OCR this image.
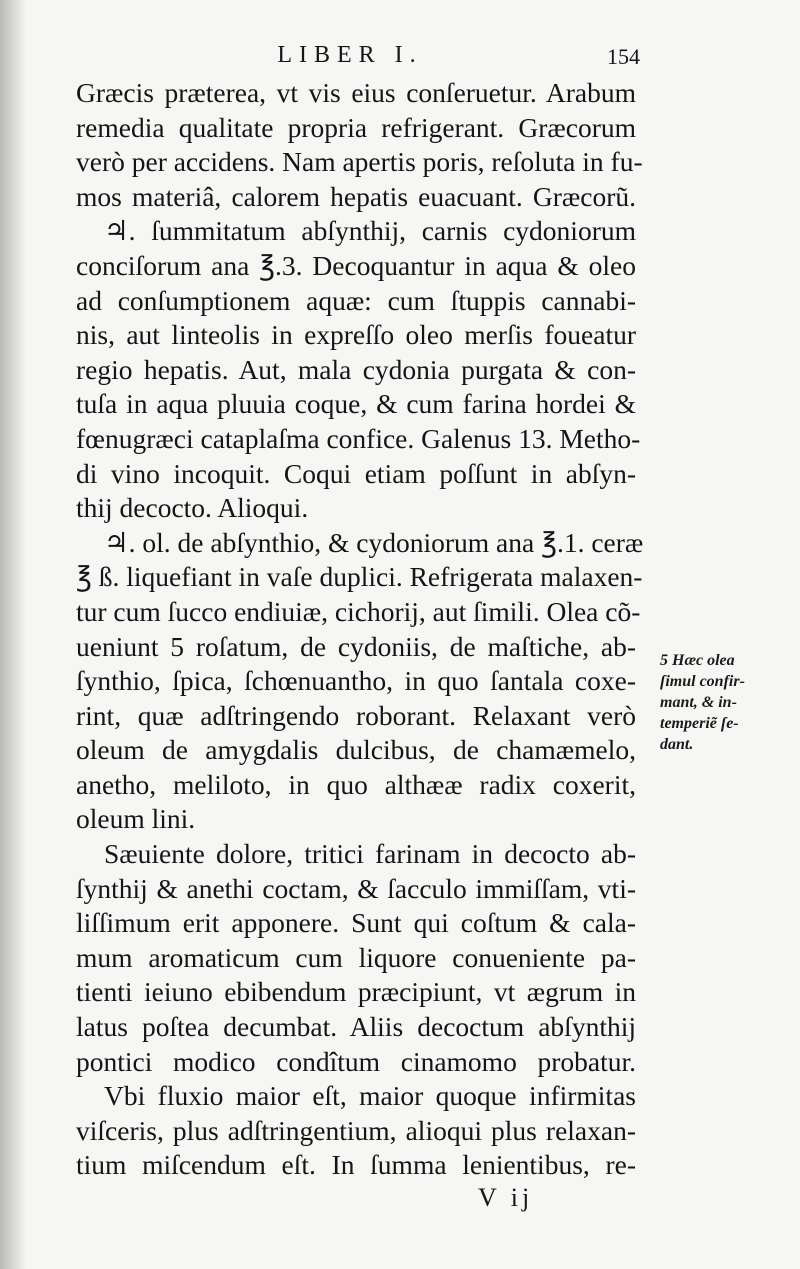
LIBER I.	154
Græcis præterea, vt vis eius conſeruetur. Arabum
remedia qualitate propria refrigerant. Græcorum
verò per accidens. Nam apertis poris, reſoluta in fu-
mos materiâ, calorem hepatis euacuant. Græcorũ.
♃. ſummitatum abſynthij, carnis cydoniorum
conciſorum ana ℥.3. Decoquantur in aqua & oleo
ad conſumptionem aquæ: cum ſtuppis cannabi-
nis, aut linteolis in expreſſo oleo merſis foueatur
regio hepatis. Aut, mala cydonia purgata & con-
tuſa in aqua pluuia coque, & cum farina hordei &
fœnugræci cataplaſma confice. Galenus 13. Metho-
di vino incoquit. Coqui etiam poſſunt in abſyn-
thij decocto. Alioqui.
♃. ol. de abſynthio, & cydoniorum ana ℥.1. ceræ
℥ ß. liquefiant in vaſe duplici. Refrigerata malaxen-
tur cum ſucco endiuiæ, cichorij, aut ſimili. Olea cõ-
ueniunt 5 roſatum, de cydoniis, de maſtiche, ab-
ſynthio, ſpica, ſchœnuantho, in quo ſantala coxe-
rint, quæ adſtringendo roborant. Relaxant verò
oleum de amygdalis dulcibus, de chamæmelo,
anetho, meliloto, in quo althææ radix coxerit,
oleum lini.
Sæuiente dolore, tritici farinam in decocto ab-
ſynthij & anethi coctam, & ſacculo immiſſam, vti-
liſſimum erit apponere. Sunt qui coſtum & cala-
mum aromaticum cum liquore conueniente pa-
tienti ieiuno ebibendum præcipiunt, vt ægrum in
latus poſtea decumbat. Aliis decoctum abſynthij
pontici modico condîtum cinamomo probatur.
Vbi fluxio maior eſt, maior quoque infirmitas
viſceris, plus adſtringentium, alioqui plus relaxan-
tium miſcendum eſt. In ſumma lenientibus, re-
5 Hæc olea
ſimul confir-
mant, & in-
temperiẽ ſe-
dant.
V ij
